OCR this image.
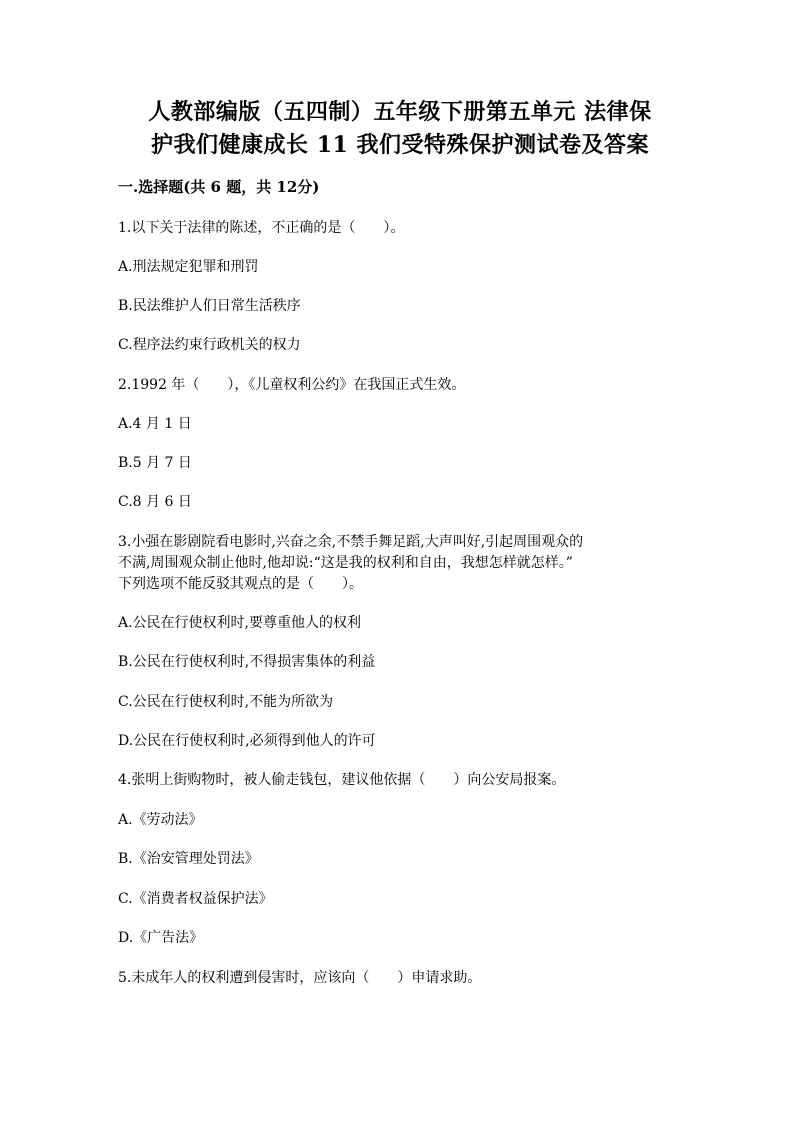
人教部编版（五四制）五年级下册第五单元 法律保
护我们健康成长 11 我们受特殊保护测试卷及答案
一.选择题(共 6 题，共 12分)
1.以下关于法律的陈述，不正确的是（　　）。
A.刑法规定犯罪和刑罚
B.民法维护人们日常生活秩序
C.程序法约束行政机关的权力
2.1992 年（　　），《儿童权利公约》在我国正式生效。
A.4 月 1 日
B.5 月 7 日
C.8 月 6 日
3.小强在影剧院看电影时,兴奋之余,不禁手舞足蹈,大声叫好,引起周围观众的
不满,周围观众制止他时,他却说:“这是我的权利和自由，我想怎样就怎样。”
下列选项不能反驳其观点的是（　　）。
A.公民在行使权利时,要尊重他人的权利
B.公民在行使权利时,不得损害集体的利益
C.公民在行使权利时,不能为所欲为
D.公民在行使权利时,必须得到他人的许可
4.张明上街购物时，被人偷走钱包，建议他依据（　　）向公安局报案。
A.《劳动法》
B.《治安管理处罚法》
C.《消费者权益保护法》
D.《广告法》
5.未成年人的权利遭到侵害时，应该向（　　）申请求助。
